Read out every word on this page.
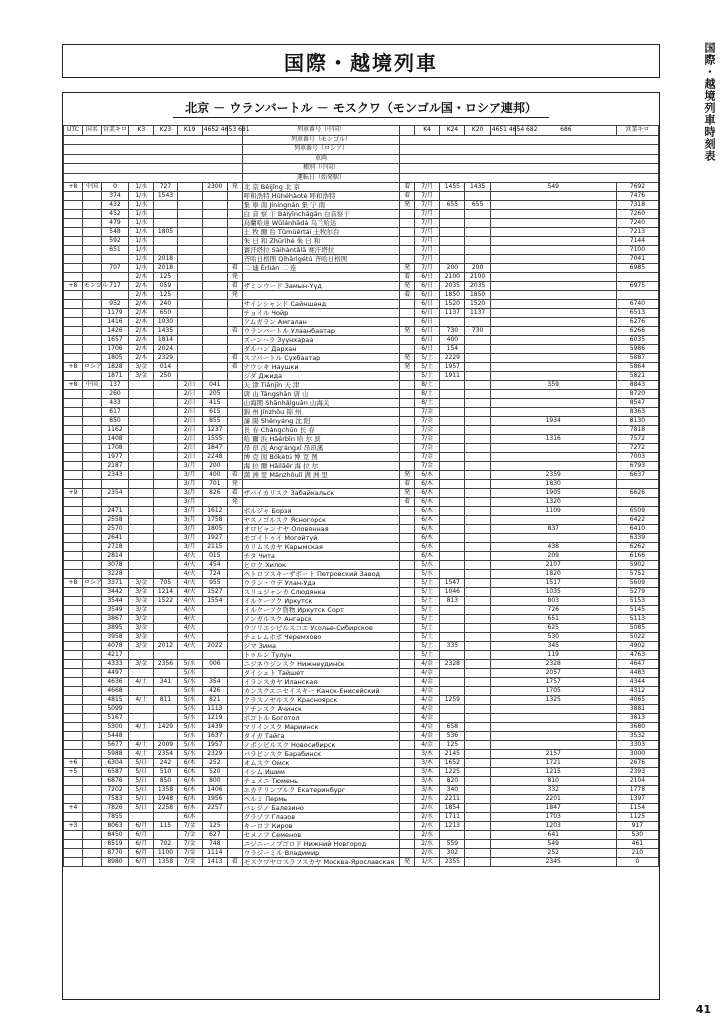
国際・越境列車時刻表
国際・越境列車
北京 － ウランバートル － モスクワ（モンゴル国・ロシア連邦）
UTC	国名	営業キロ	K3	K23	K19	4652 4653 681		列車番号（中国）		K4	K24	K20	4651 4654 682	686	営業キロ
								列車番号（モンゴル）							
								列車番号（ロシア）							
								車両							
								種別（中国）							
								運転日（始発駅）							
+8	中国	0	1/水	727		2300	発	北 京 Běijīng 北 京	着	7/月	1455	1435	549		7692
		374	1/水	1543				呼和浩特 Hūhéhàotè 呼和浩特	着	7/月					7476
		432	1/水					集 寧 南 Jíníngnán 集 宁 南	発	7/月	655	655			7318
		452	1/水					白 音 察 干 Báiyīnchágān 白音察干		7/月					7260
		479	1/水					烏蘭哈達 Wūlánhādá 乌兰哈达		7/月					7240
		548	1/水	1805				土 牧 爾 台 Tǔmùěrtái 土牧尔台		7/月					7213
		592	1/水					朱 日 和 Zhūrìhé 朱 日 和		7/月					7144
		651	1/水					賽汗塔拉 Sàihàntǎlā 赛汗塔拉		7/月					7100
			1/水	2018				齐哈日格图 Qíhārìgétú 齐哈日格图		7/月					7041
		707	1/水	2018			着	二 連 Èrlián 二 连	発	7/月	200	200			6985
			2/木	125			発		着	6/日	2100	2100			
+8	モンゴル	717	2/木	059			着	ザミンウード Замын-Үүд	発	6/日	2035	2035			6975
			2/木	125			発		着	6/日	1850	1850			
		952	2/木	240				サインシャンド Сайншанд		6/日	1520	1520			6740
		1179	2/木	650				チョイル Чойр		6/日	1137	1137			6513
		1416	2/木	1030				アムガラン Амгалан		6/日					6276
		1426	2/木	1435			着	ウランバートル Улаанбаатар	発	6/日	730	730			6266
		1657	2/木	1814				ズーンハラ Зуунхараа		6/日	400				6035
		1706	2/木	2024				ダルハン Дархан		6/日	154				5986
		1805	2/木	2329			着	スフバートル Сүхбаатар	発	5/土	2229				5887
+8	ロシア	1828	3/金	014			着	ナウシキ Наушки	発	5/土	1957				5864
		1871	3/金	250				ジダ Джида		5/土	1911				5821
+8	中国	137			2/日	041		天 津 Tiānjīn 天 津		8/土			359		8843
		260			2/日	205		唐 山 Tángshān 唐 山		8/土					8720
		433			2/日	415		山海関 Shānhǎiguān 山海关		8/土					8547
		617			2/日	615		錦 州 Jǐnzhōu 锦 州		7/金					8363
		850			2/日	855		瀋 陽 Shěnyáng 沈 阳		7/金			1934		8130
		1162			2/日	1237		長 春 Chángchūn 长 春		7/金					7818
		1408			2/日	1555		哈 爾 浜 Hāěrbīn 哈 尔 滨		7/金			1316		7572
		1708			2/日	1847		昂 昂 渓 Áng'ángxī 昂昂溪		7/金					7272
		1977			2/日	2248		博 克 図 Bókètú 博 克 图		7/金					7003
		2187			3/月	200		海 拉 爾 Hǎilāěr 海 拉 尔		7/金					6793
		2343			3/月	400	着	満 洲 里 Mǎnzhōulǐ 满 洲 里	発	6/木			2359		6637
					3/月	701	発		着	6/木			1830		
+9		2354			3/月	826	着	ザバイカリスク Забайкальск	発	6/木			1905		6626
					3/月		発		着	6/木			1320		
		2471			3/月	1612		ボルジャ Борзя		6/木			1109		6509
		2558			3/月	1758		ヤスノゴルスク Ясногорск		6/木					6422
		2570			3/月	1805		オロビャンナヤ Оловянная		6/木			837		6410
		2641			3/月	1927		モゴイトゥイ Могойтуй		6/木					6339
		2718			3/月	2115		カリムスカヤ Карымская		6/木			438		6262
		2814			4/火	015		チタ Чита		6/木			209		6166
		3078			4/火	454		ヒロク Хилок		5/水			2107		5902
		3228			4/火	724		ペトロフスキーザボート Петровский Завод		5/水			1820		5752
+8	ロシア	3371	3/金	705	4/火	955		ウラン・ウデ Улан-Удэ		5/土	1547		1517		5609
		3442	3/金	1214	4/火	1527		スリュジャンカ Слюдянка		5/土	1046		1035		5279
		3544	3/金	1522	4/火	1554		イルクーツク Иркутск		5/土	813		803		5153
		3549	3/金		4/火			イルクーツク貨物 Иркутск Сорт		5/土			726		5145
		3867	3/金		4/火			アンガルスク Ангарск		5/土			651		5113
		3895	3/金		4/火			ウソリエシビルスコエ Усолье-Сибирское		5/土			625		5085
		3958	3/金		4/火			チェレムホボ Черемхово		5/土			530		5022
		4078	3/金	2012	4/火	2022		ジマ Зима		5/土	335		345		4902
		4217						トゥルン Тулун		5/土			119		4763
		4333	3/金	2356	5/水	006		ニジネウジンスク Нижнеудинск		4/金	2328		2328		4647
		4497			5/水			タイシェト Тайшет		4/金			2057		4483
		4636	4/土	341	5/水	354		イランスカヤ Иланская		4/金			1757		4344
		4668			5/水	426		カンスクエニセイスキー Канск-Енисейский		4/金			1705		4312
		4815	4/土	811	5/水	821		クラスノヤルスク Красноярск		4/金	1259		1325		4065
		5099			5/水	1113		アチンスク Ачинск		4/金					3881
		5167			5/水	1219		ボゴトル Боготол		4/金					3813
		5300	4/土	1429	5/水	1439		マリインスク Мариинск		4/金	658				3680
		5448			5/水	1637		タイガ Тайга		4/金	536				3532
		5677	4/土	2009	5/水	1957		ノボシビルスク Новосибирск		4/金	125				3303
		5988	4/土	2354	5/水	2329		バラビンスク Барабинск		3/木	2145		2157		3000
+6		6304	5/日	242	6/木	252		オムスク Омск		3/木	1652		1721		2676
+5		6587	5/日	510	6/木	520		イシム Ишим		3/木	1225		1215		2393
		6876	5/日	850	6/木	800		チュメニ Тюмень		3/木	820		810		2104
		7202	5/日	1358	6/木	1406		エカテリンブルク Екатеринбург		3/木	340		332		1778
		7583	5/日	1948	6/木	1956		ペルミ Пермь		2/水	2211		2201		1397
+4		7826	5/日	2258	6/木	2257		バレジノ Балезино		2/水	1854		1847		1154
		7855			6/木			グラゾフ Глазов		2/水	1711		1703		1125
+3		8063	6/月	115	7/金	125		キーロフ Киров		2/水	1213		1203		917
		8450	6/月		7/金	627		セメノフ Семенов		2/水			641		530
		8519	6/月	702	7/金	748		ニジニーノブゴロド Нижний Новгород		2/水	559		549		461
		8770	6/月	1100	7/金	1114		ウラジーミル Владимир		2/水	302		252		210
		8980	6/月	1358	7/金	1413	着	モスクワヤロスラフスカヤ Москва-Ярославская	発	1/火	2355		2345		0
41
